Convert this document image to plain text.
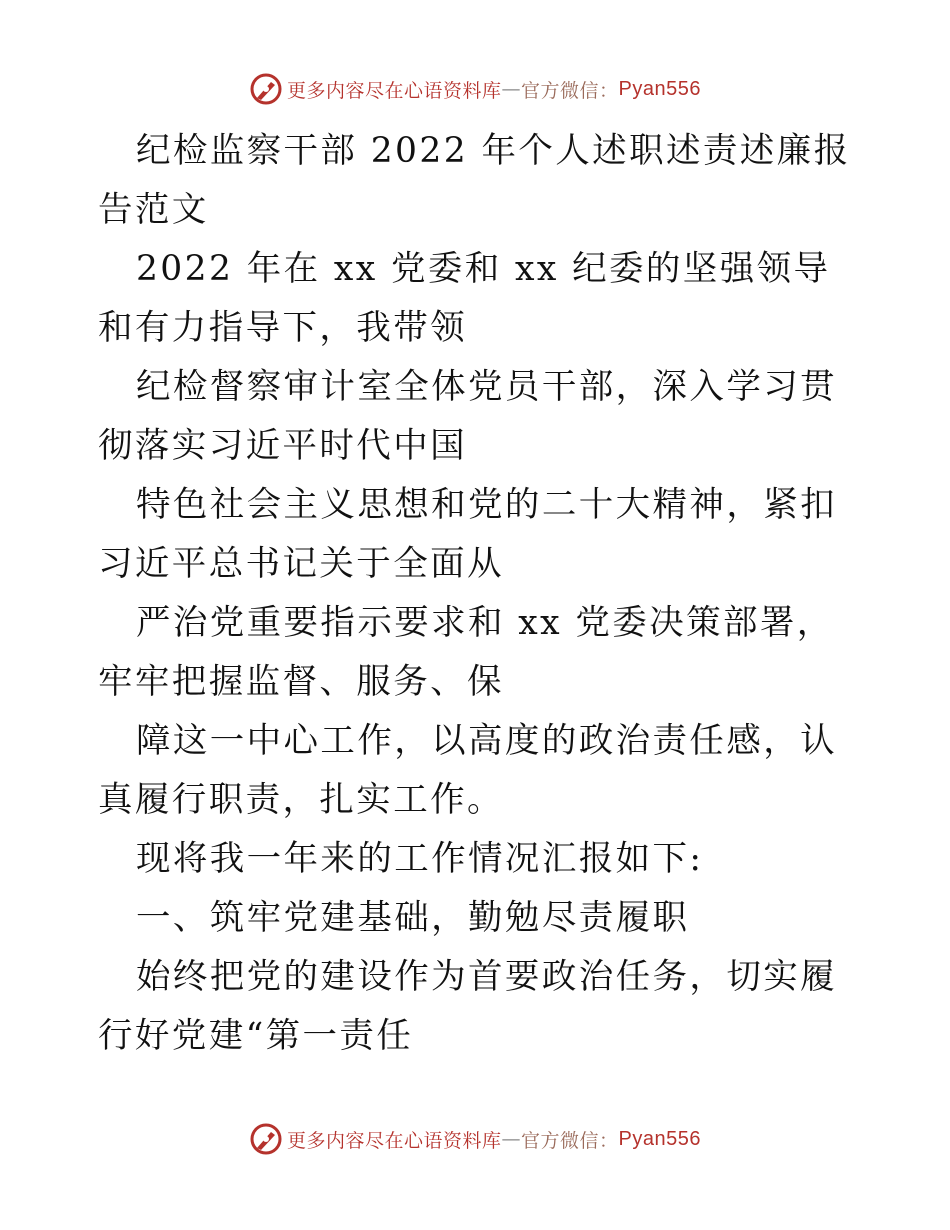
更多内容尽在心语资料库 — 官方微信： Pyan556

纪检监察干部 2022 年个人述职述责述廉报告范文

2022 年在 xx 党委和 xx 纪委的坚强领导和有力指导下，我带领

纪检督察审计室全体党员干部，深入学习贯彻落实习近平时代中国

特色社会主义思想和党的二十大精神，紧扣习近平总书记关于全面从

严治党重要指示要求和 xx 党委决策部署，牢牢把握监督、服务、保

障这一中心工作，以高度的政治责任感，认真履行职责，扎实工作。

现将我一年来的工作情况汇报如下:

一、筑牢党建基础，勤勉尽责履职

始终把党的建设作为首要政治任务，切实履行好党建“第一责任

更多内容尽在心语资料库 — 官方微信： Pyan556
